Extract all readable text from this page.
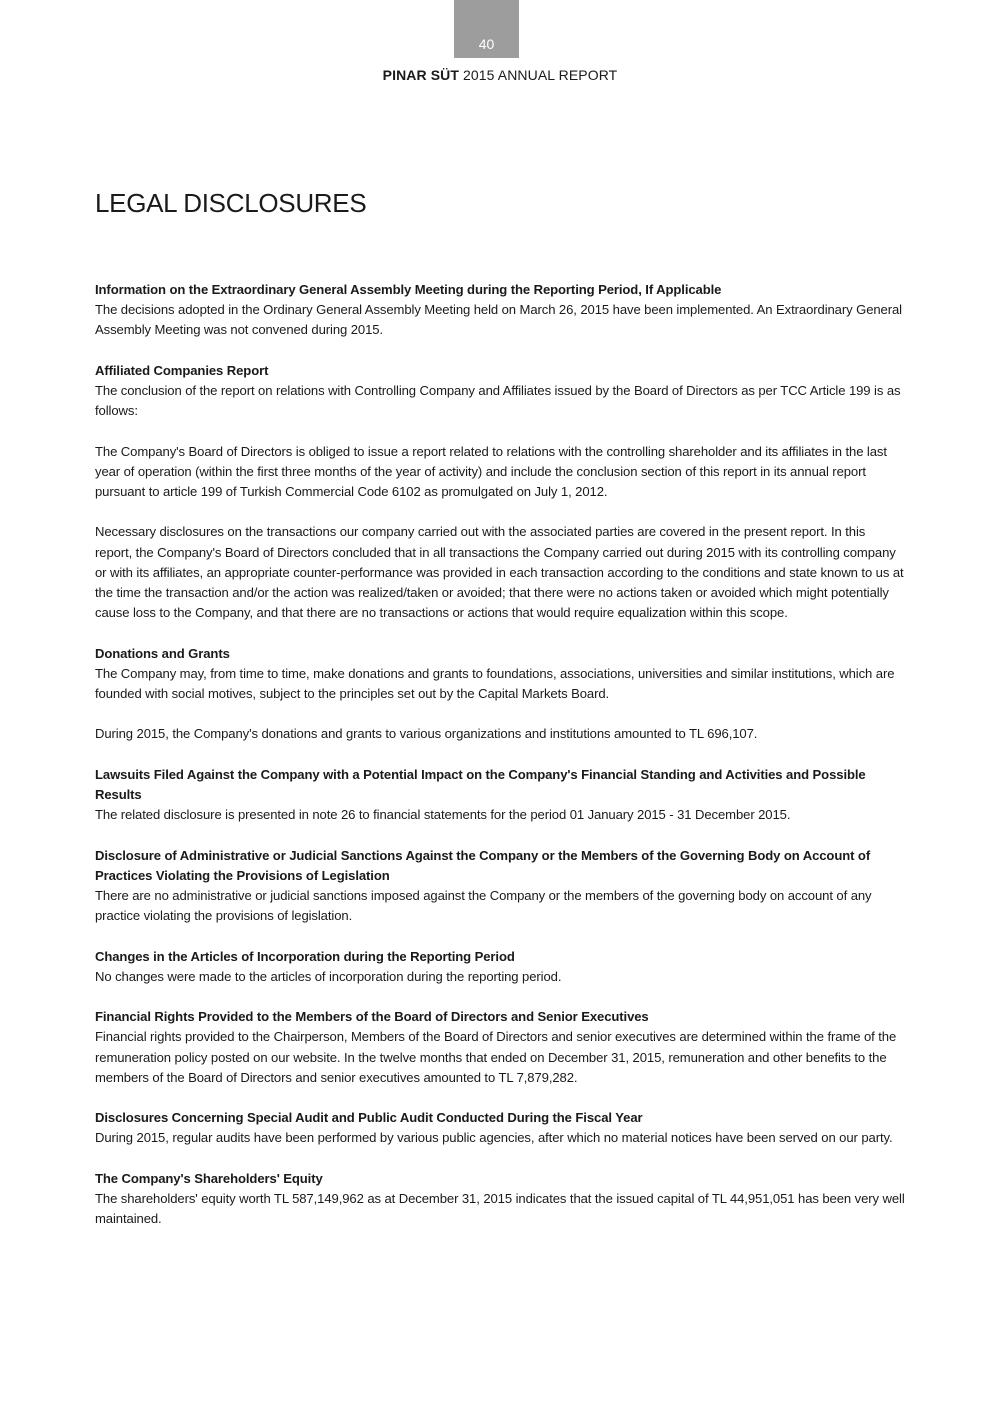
40
PINAR SÜT 2015 ANNUAL REPORT
LEGAL DISCLOSURES
Information on the Extraordinary General Assembly Meeting during the Reporting Period, If Applicable

The decisions adopted in the Ordinary General Assembly Meeting held on March 26, 2015 have been implemented. An Extraordinary General Assembly Meeting was not convened during 2015.

Affiliated Companies Report

The conclusion of the report on relations with Controlling Company and Affiliates issued by the Board of Directors as per TCC Article 199 is as follows:

The Company's Board of Directors is obliged to issue a report related to relations with the controlling shareholder and its affiliates in the last year of operation (within the first three months of the year of activity) and include the conclusion section of this report in its annual report pursuant to article 199 of Turkish Commercial Code 6102 as promulgated on July 1, 2012.

Necessary disclosures on the transactions our company carried out with the associated parties are covered in the present report. In this report, the Company's Board of Directors concluded that in all transactions the Company carried out during 2015 with its controlling company or with its affiliates, an appropriate counter-performance was provided in each transaction according to the conditions and state known to us at the time the transaction and/or the action was realized/taken or avoided; that there were no actions taken or avoided which might potentially cause loss to the Company, and that there are no transactions or actions that would require equalization within this scope.

Donations and Grants

The Company may, from time to time, make donations and grants to foundations, associations, universities and similar institutions, which are founded with social motives, subject to the principles set out by the Capital Markets Board.

During 2015, the Company's donations and grants to various organizations and institutions amounted to TL 696,107.

Lawsuits Filed Against the Company with a Potential Impact on the Company's Financial Standing and Activities and Possible Results

The related disclosure is presented in note 26 to financial statements for the period 01 January 2015 - 31 December 2015.

Disclosure of Administrative or Judicial Sanctions Against the Company or the Members of the Governing Body on Account of Practices Violating the Provisions of Legislation

There are no administrative or judicial sanctions imposed against the Company or the members of the governing body on account of any practice violating the provisions of legislation.

Changes in the Articles of Incorporation during the Reporting Period

No changes were made to the articles of incorporation during the reporting period.

Financial Rights Provided to the Members of the Board of Directors and Senior Executives

Financial rights provided to the Chairperson, Members of the Board of Directors and senior executives are determined within the frame of the remuneration policy posted on our website. In the twelve months that ended on December 31, 2015, remuneration and other benefits to the members of the Board of Directors and senior executives amounted to TL 7,879,282.

Disclosures Concerning Special Audit and Public Audit Conducted During the Fiscal Year

During 2015, regular audits have been performed by various public agencies, after which no material notices have been served on our party.

The Company's Shareholders' Equity

The shareholders' equity worth TL 587,149,962 as at December 31, 2015 indicates that the issued capital of TL 44,951,051 has been very well maintained.
